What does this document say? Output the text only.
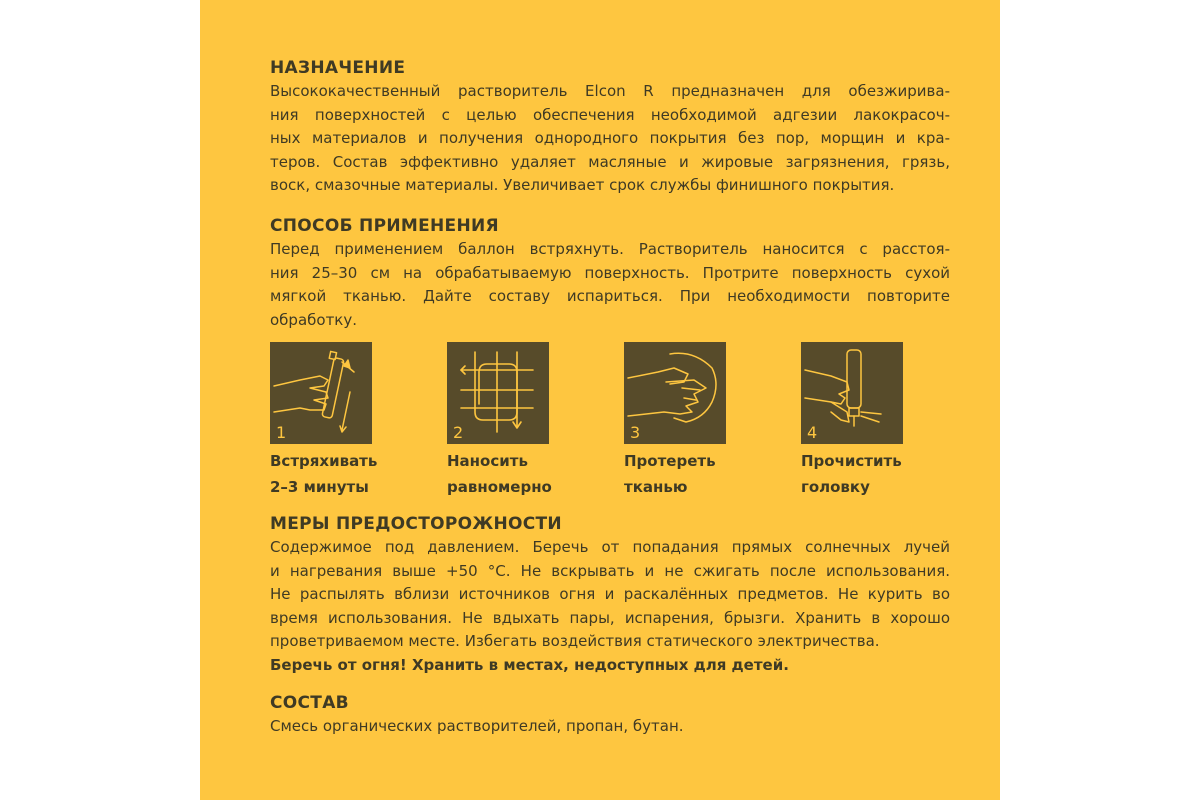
НАЗНАЧЕНИЕ
Высококачественный растворитель Elcon R предназначен для обезжирива-
ния поверхностей с целью обеспечения необходимой адгезии лакокрасоч-
ных материалов и получения однородного покрытия без пор, морщин и кра-
теров. Состав эффективно удаляет масляные и жировые загрязнения, грязь,
воск, смазочные материалы. Увеличивает срок службы финишного покрытия.
СПОСОБ ПРИМЕНЕНИЯ
Перед применением баллон встряхнуть. Растворитель наносится с расстоя-
ния 25–30 см на обрабатываемую поверхность. Протрите поверхность сухой
мягкой тканью. Дайте составу испариться. При необходимости повторите
обработку.
1
Встряхивать
2–3 минуты
2
Наносить
равномерно
3
Протереть
тканью
4
Прочистить
головку
МЕРЫ ПРЕДОСТОРОЖНОСТИ
Содержимое под давлением. Беречь от попадания прямых солнечных лучей
и нагревания выше +50 °C. Не вскрывать и не сжигать после использования.
Не распылять вблизи источников огня и раскалённых предметов. Не курить во
время использования. Не вдыхать пары, испарения, брызги. Хранить в хорошо
проветриваемом месте. Избегать воздействия статического электричества.
Беречь от огня! Хранить в местах, недоступных для детей.
СОСТАВ
Смесь органических растворителей, пропан, бутан.
